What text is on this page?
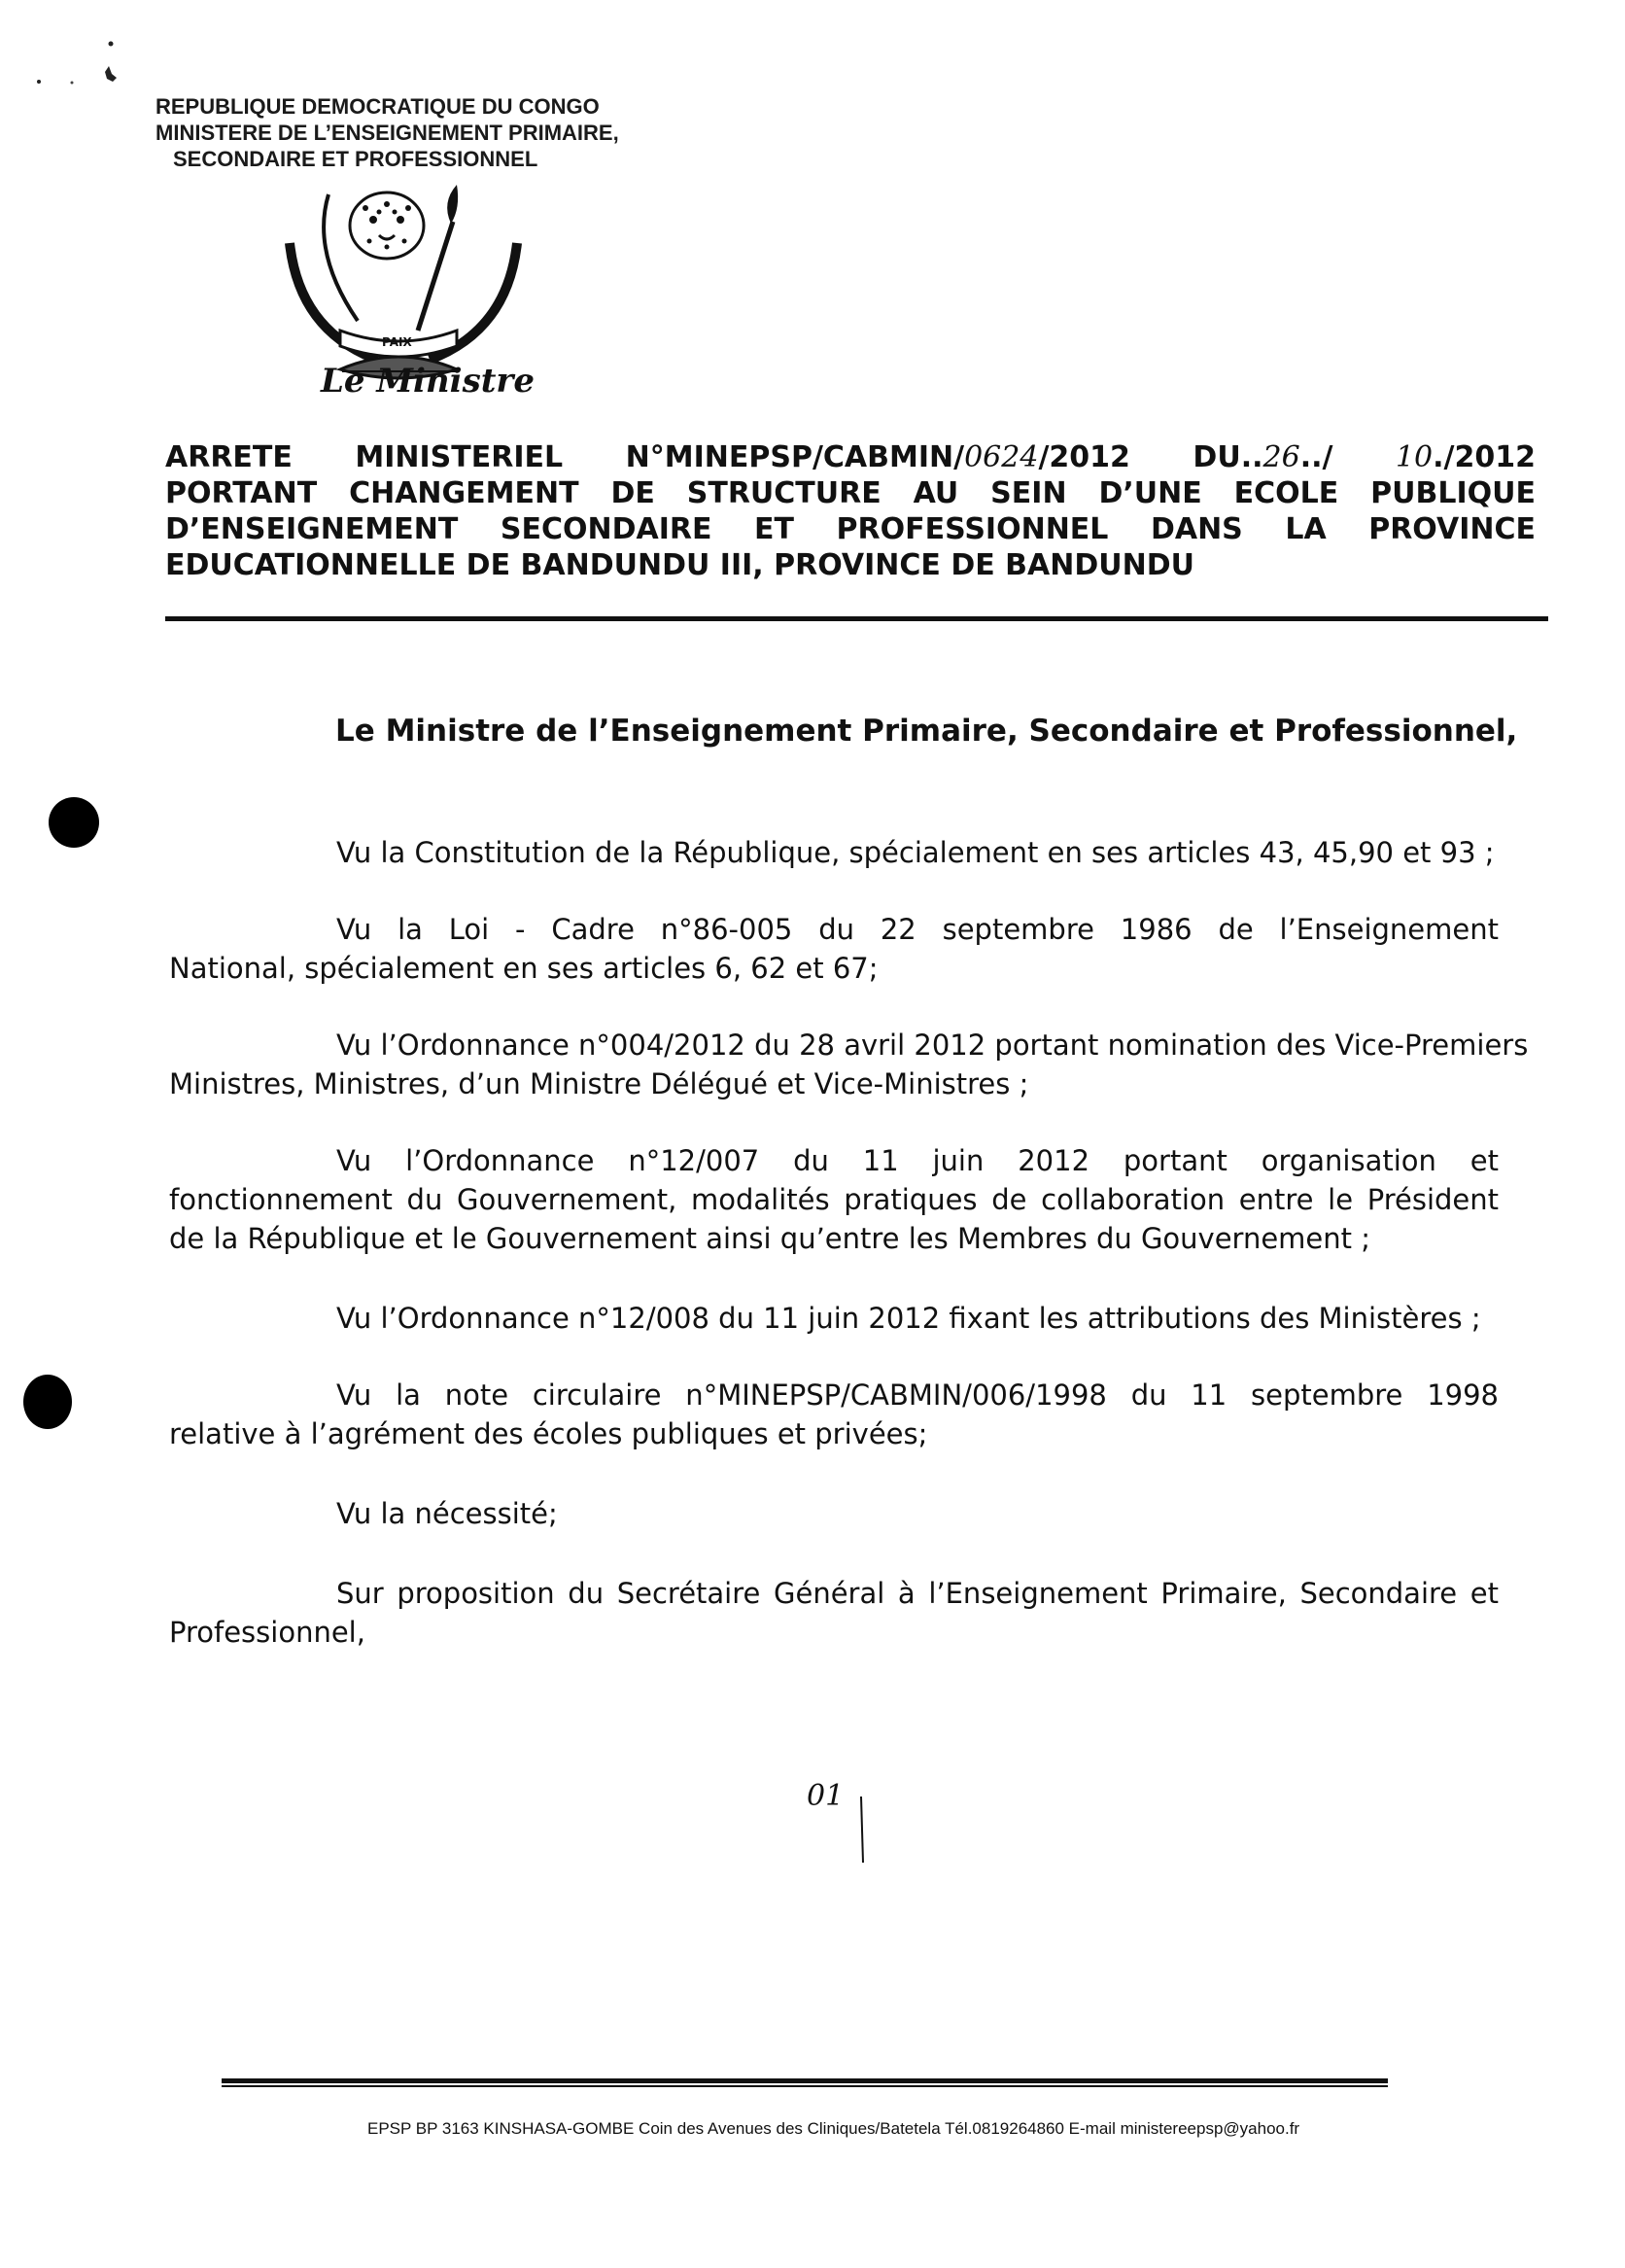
REPUBLIQUE DEMOCRATIQUE DU CONGO
MINISTERE DE L’ENSEIGNEMENT PRIMAIRE,
SECONDAIRE ET PROFESSIONNEL
PAIX
Le Ministre
ARRETE MINISTERIEL N°MINEPSP/CABMIN/0624/2012 DU..26../ 10./2012
PORTANT CHANGEMENT DE STRUCTURE AU SEIN D’UNE ECOLE PUBLIQUE
D’ENSEIGNEMENT SECONDAIRE ET PROFESSIONNEL DANS LA PROVINCE
EDUCATIONNELLE DE BANDUNDU III, PROVINCE DE BANDUNDU
Le Ministre de l’Enseignement Primaire, Secondaire et Professionnel,
Vu la Constitution de la République, spécialement en ses articles 43, 45,90 et 93 ;
Vu la Loi - Cadre n°86-005 du 22 septembre 1986 de l’Enseignement
National, spécialement en ses articles 6, 62 et 67;
Vu l’Ordonnance n°004/2012 du 28 avril 2012 portant nomination des Vice-Premiers
Ministres, Ministres, d’un Ministre Délégué et Vice-Ministres ;
Vu l’Ordonnance n°12/007 du 11 juin 2012 portant organisation et
fonctionnement du Gouvernement, modalités pratiques de collaboration entre le Président
de la République et le Gouvernement ainsi qu’entre les Membres du Gouvernement ;
Vu l’Ordonnance n°12/008 du 11 juin 2012 fixant les attributions des Ministères ;
Vu la note circulaire n°MINEPSP/CABMIN/006/1998 du 11 septembre 1998
relative à l’agrément des écoles publiques et privées;
Vu la nécessité;
Sur proposition du Secrétaire Général à l’Enseignement Primaire, Secondaire et
Professionnel,
01
EPSP BP 3163 KINSHASA-GOMBE Coin des Avenues des Cliniques/Batetela Tél.0819264860 E-mail ministereepsp@yahoo.fr
